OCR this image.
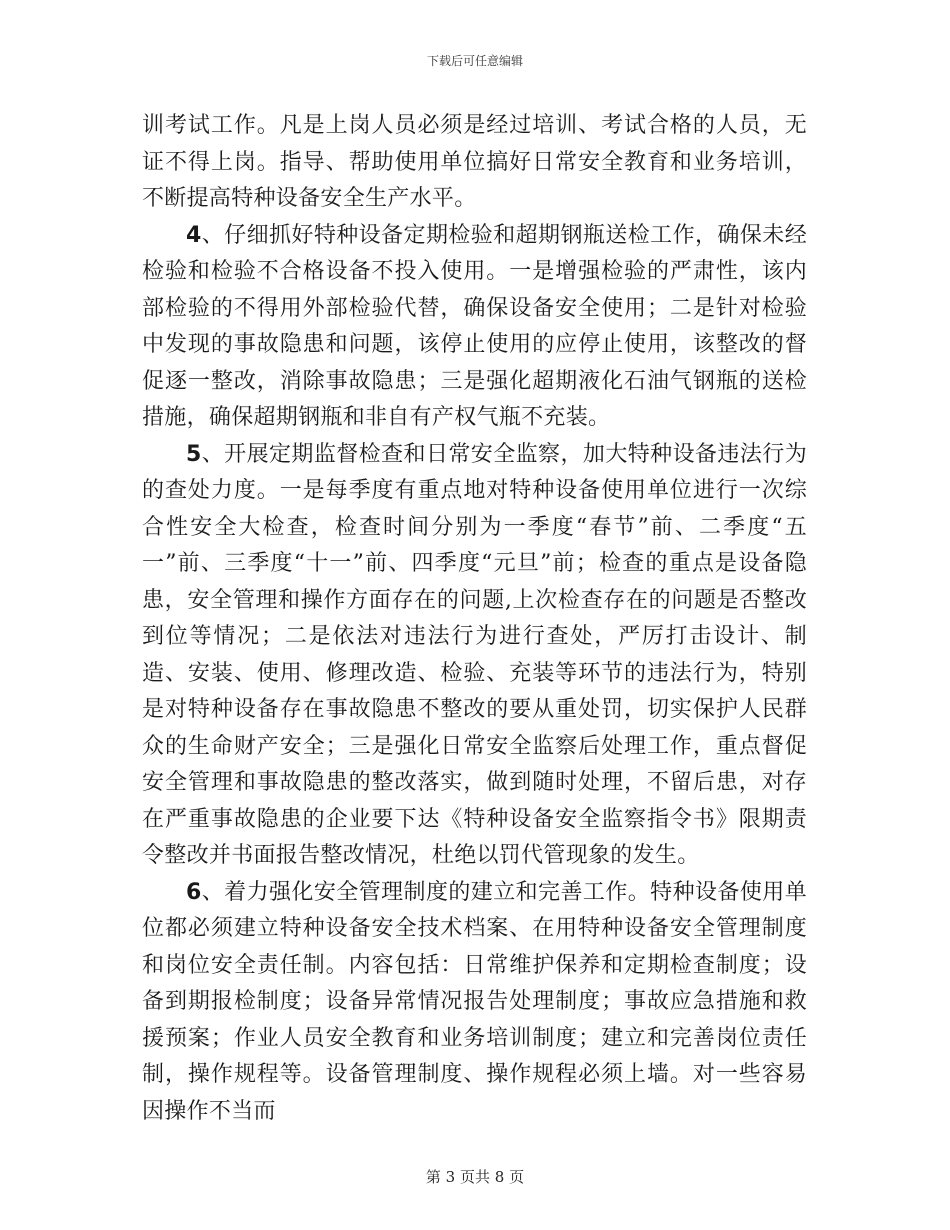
下载后可任意编辑

训考试工作。凡是上岗人员必须是经过培训、考试合格的人员，无证不得上岗。指导、帮助使用单位搞好日常安全教育和业务培训，不断提高特种设备安全生产水平。

4、仔细抓好特种设备定期检验和超期钢瓶送检工作，确保未经检验和检验不合格设备不投入使用。一是增强检验的严肃性，该内部检验的不得用外部检验代替，确保设备安全使用；二是针对检验中发现的事故隐患和问题，该停止使用的应停止使用，该整改的督促逐一整改，消除事故隐患；三是强化超期液化石油气钢瓶的送检措施，确保超期钢瓶和非自有产权气瓶不充装。

5、开展定期监督检查和日常安全监察，加大特种设备违法行为的查处力度。一是每季度有重点地对特种设备使用单位进行一次综合性安全大检查，检查时间分别为一季度“春节”前、二季度“五一”前、三季度“十一”前、四季度“元旦”前；检查的重点是设备隐患，安全管理和操作方面存在的问题,上次检查存在的问题是否整改到位等情况；二是依法对违法行为进行查处，严厉打击设计、制造、安装、使用、修理改造、检验、充装等环节的违法行为，特别是对特种设备存在事故隐患不整改的要从重处罚，切实保护人民群众的生命财产安全；三是强化日常安全监察后处理工作，重点督促安全管理和事故隐患的整改落实，做到随时处理，不留后患，对存在严重事故隐患的企业要下达《特种设备安全监察指令书》限期责令整改并书面报告整改情况，杜绝以罚代管现象的发生。

6、着力强化安全管理制度的建立和完善工作。特种设备使用单位都必须建立特种设备安全技术档案、在用特种设备安全管理制度和岗位安全责任制。内容包括：日常维护保养和定期检查制度；设备到期报检制度；设备异常情况报告处理制度；事故应急措施和救援预案；作业人员安全教育和业务培训制度；建立和完善岗位责任制，操作规程等。设备管理制度、操作规程必须上墙。对一些容易因操作不当而

第 3 页共 8 页
